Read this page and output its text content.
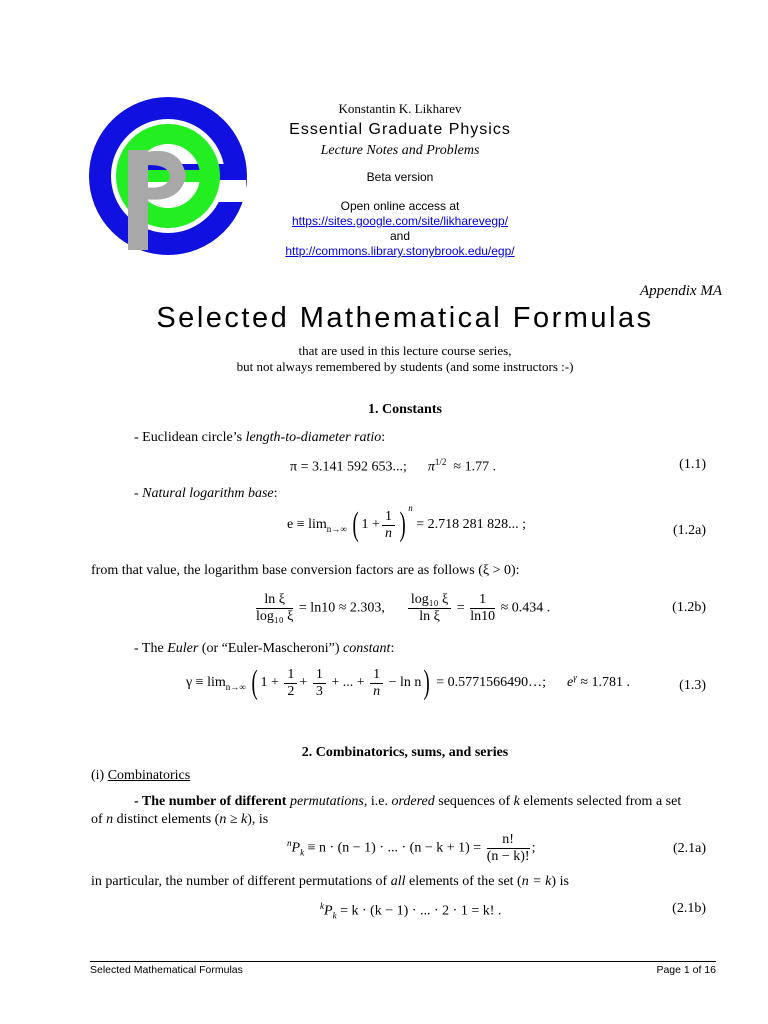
Konstantin K. Likharev
Essential Graduate Physics
Lecture Notes and Problems
Beta version
Open online access at
https://sites.google.com/site/likharevegp/
and
http://commons.library.stonybrook.edu/egp/
Appendix MA
Selected Mathematical Formulas
that are used in this lecture course series,
but not always remembered by students (and some instructors :-)
1. Constants
- Euclidean circle’s length-to-diameter ratio:
π = 3.141 592 653...; $\pi^{1/2} \approx 1.77$ .	(1.1)
- Natural logarithm base:
$e \equiv \lim_{n\to\infty}$ ( $1 + \frac{1}{n}$ ) $^n$ = 2.718 281 828... ;	(1.2a)
from that value, the logarithm base conversion factors are as follows (ξ > 0):
$\frac{\text{ln ξ}}{\text{log₁₀ ξ}} = \ln 10 \approx 2.303$, $\frac{\text{log₁₀ ξ}}{\text{ln ξ}} = \frac{1}{\ln 10} \approx 0.434$ .	(1.2b)
- The Euler (or “Euler-Mascheroni”) constant:
$\gamma \equiv \lim_{n\to\infty}$ ( $1 + \frac{1}{2} + \frac{1}{3}$ + ... + $\frac{1}{n} - \ln n$) = 0.5771566490…; $e^\gamma \approx 1.781$ .	(1.3)
2. Combinatorics, sums, and series
(i) Combinatorics
- The number of different permutations, i.e. ordered sequences of k elements selected from a set
of n distinct elements (n ≥ k), is
$^nP_k \equiv n \cdot (n - 1)$ · ... · $(n - k + 1) = \frac{n!}{(n - k)!}$ ;	(2.1a)
in particular, the number of different permutations of all elements of the set (n = k) is
$^kP_k = k \cdot (k - 1)$ · ... · 2 · 1 = k! .	(2.1b)
Selected Mathematical Formulas	Page 1 of 16
